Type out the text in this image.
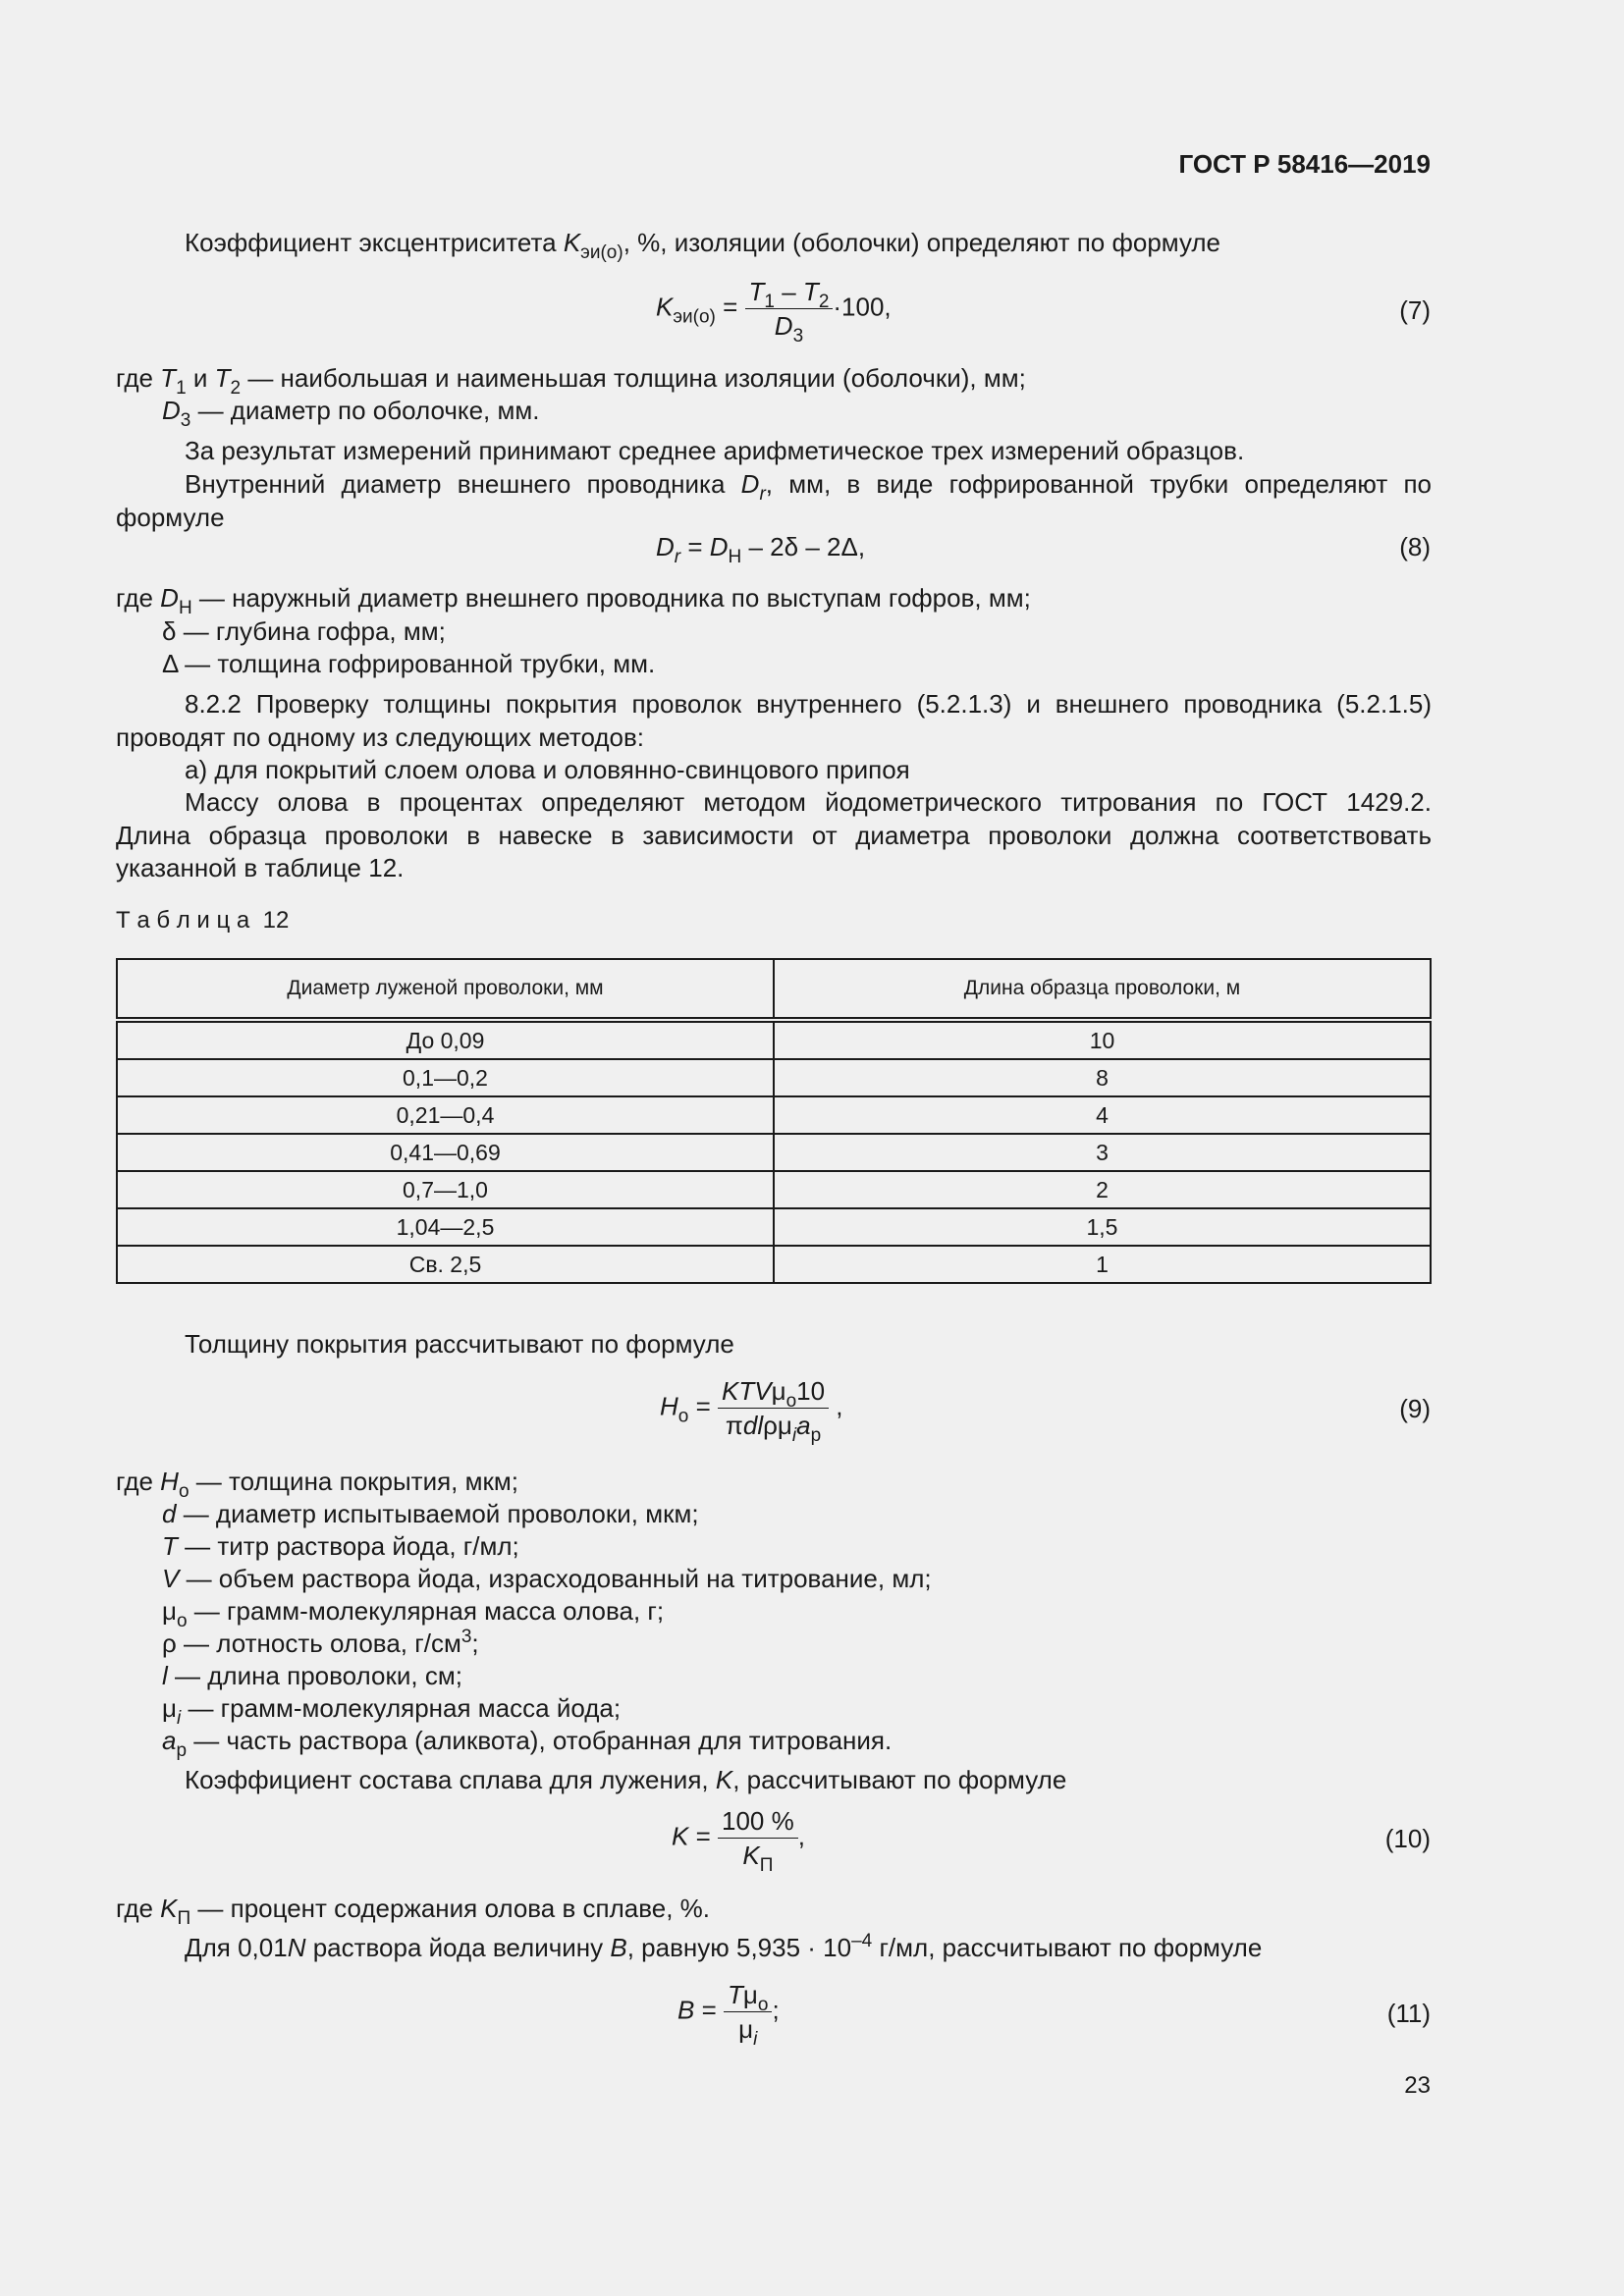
ГОСТ Р 58416—2019
Коэффициент эксцентриситета $K_{эи(о)}$, %, изоляции (оболочки) определяют по формуле
$K_{эи(о)} = \frac{T_1 - T_2}{D_3} \cdot 100$,	(7)
где $T_1$ и $T_2$ — наибольшая и наименьшая толщина изоляции (оболочки), мм;
$D_3$ — диаметр по оболочке, мм.
За результат измерений принимают среднее арифметическое трех измерений образцов.
Внутренний диаметр внешнего проводника $D_r$, мм, в виде гофрированной трубки определяют по
формуле
$D_r = D_Н - 2\delta - 2\Delta$,	(8)
где $D_Н$ — наружный диаметр внешнего проводника по выступам гофров, мм;
δ — глубина гофра, мм;
Δ — толщина гофрированной трубки, мм.
8.2.2 Проверку толщины покрытия проволок внутреннего (5.2.1.3) и внешнего проводника (5.2.1.5)
проводят по одному из следующих методов:
а) для покрытий слоем олова и оловянно-свинцового припоя
Массу олова в процентах определяют методом йодометрического титрования по ГОСТ 1429.2.
Длина образца проволоки в навеске в зависимости от диаметра проволоки должна соответствовать
указанной в таблице 12.
Т а б л и ц а  12
Диаметр луженой проволоки, мм	Длина образца проволоки, м
До 0,09	10
0,1—0,2	8
0,21—0,4	4
0,41—0,69	3
0,7—1,0	2
1,04—2,5	1,5
Св. 2,5	1
Толщину покрытия рассчитывают по формуле
$H_о = \frac{KTV\mu_о10}{\pi dl\rho\mu_ia_р}$ ,	(9)
где $H_о$ — толщина покрытия, мкм;
d — диаметр испытываемой проволоки, мкм;
T — титр раствора йода, г/мл;
V — объем раствора йода, израсходованный на титрование, мл;
$\mu_о$ — грамм-молекулярная масса олова, г;
ρ — лотность олова, $г/см^3$;
l — длина проволоки, см;
$\mu_i$ — грамм-молекулярная масса йода;
$a_р$ — часть раствора (аликвота), отобранная для титрования.
Коэффициент состава сплава для лужения, K, рассчитывают по формуле
$K = \frac{100 \%}{K_П}$ ,	(10)
где $K_П$ — процент содержания олова в сплаве, %.
Для 0,01N раствора йода величину B, равную $5,935 \cdot 10^{-4}$ г/мл, рассчитывают по формуле
$B = \frac{T\mu_о}{\mu_i}$ ;	(11)
23
